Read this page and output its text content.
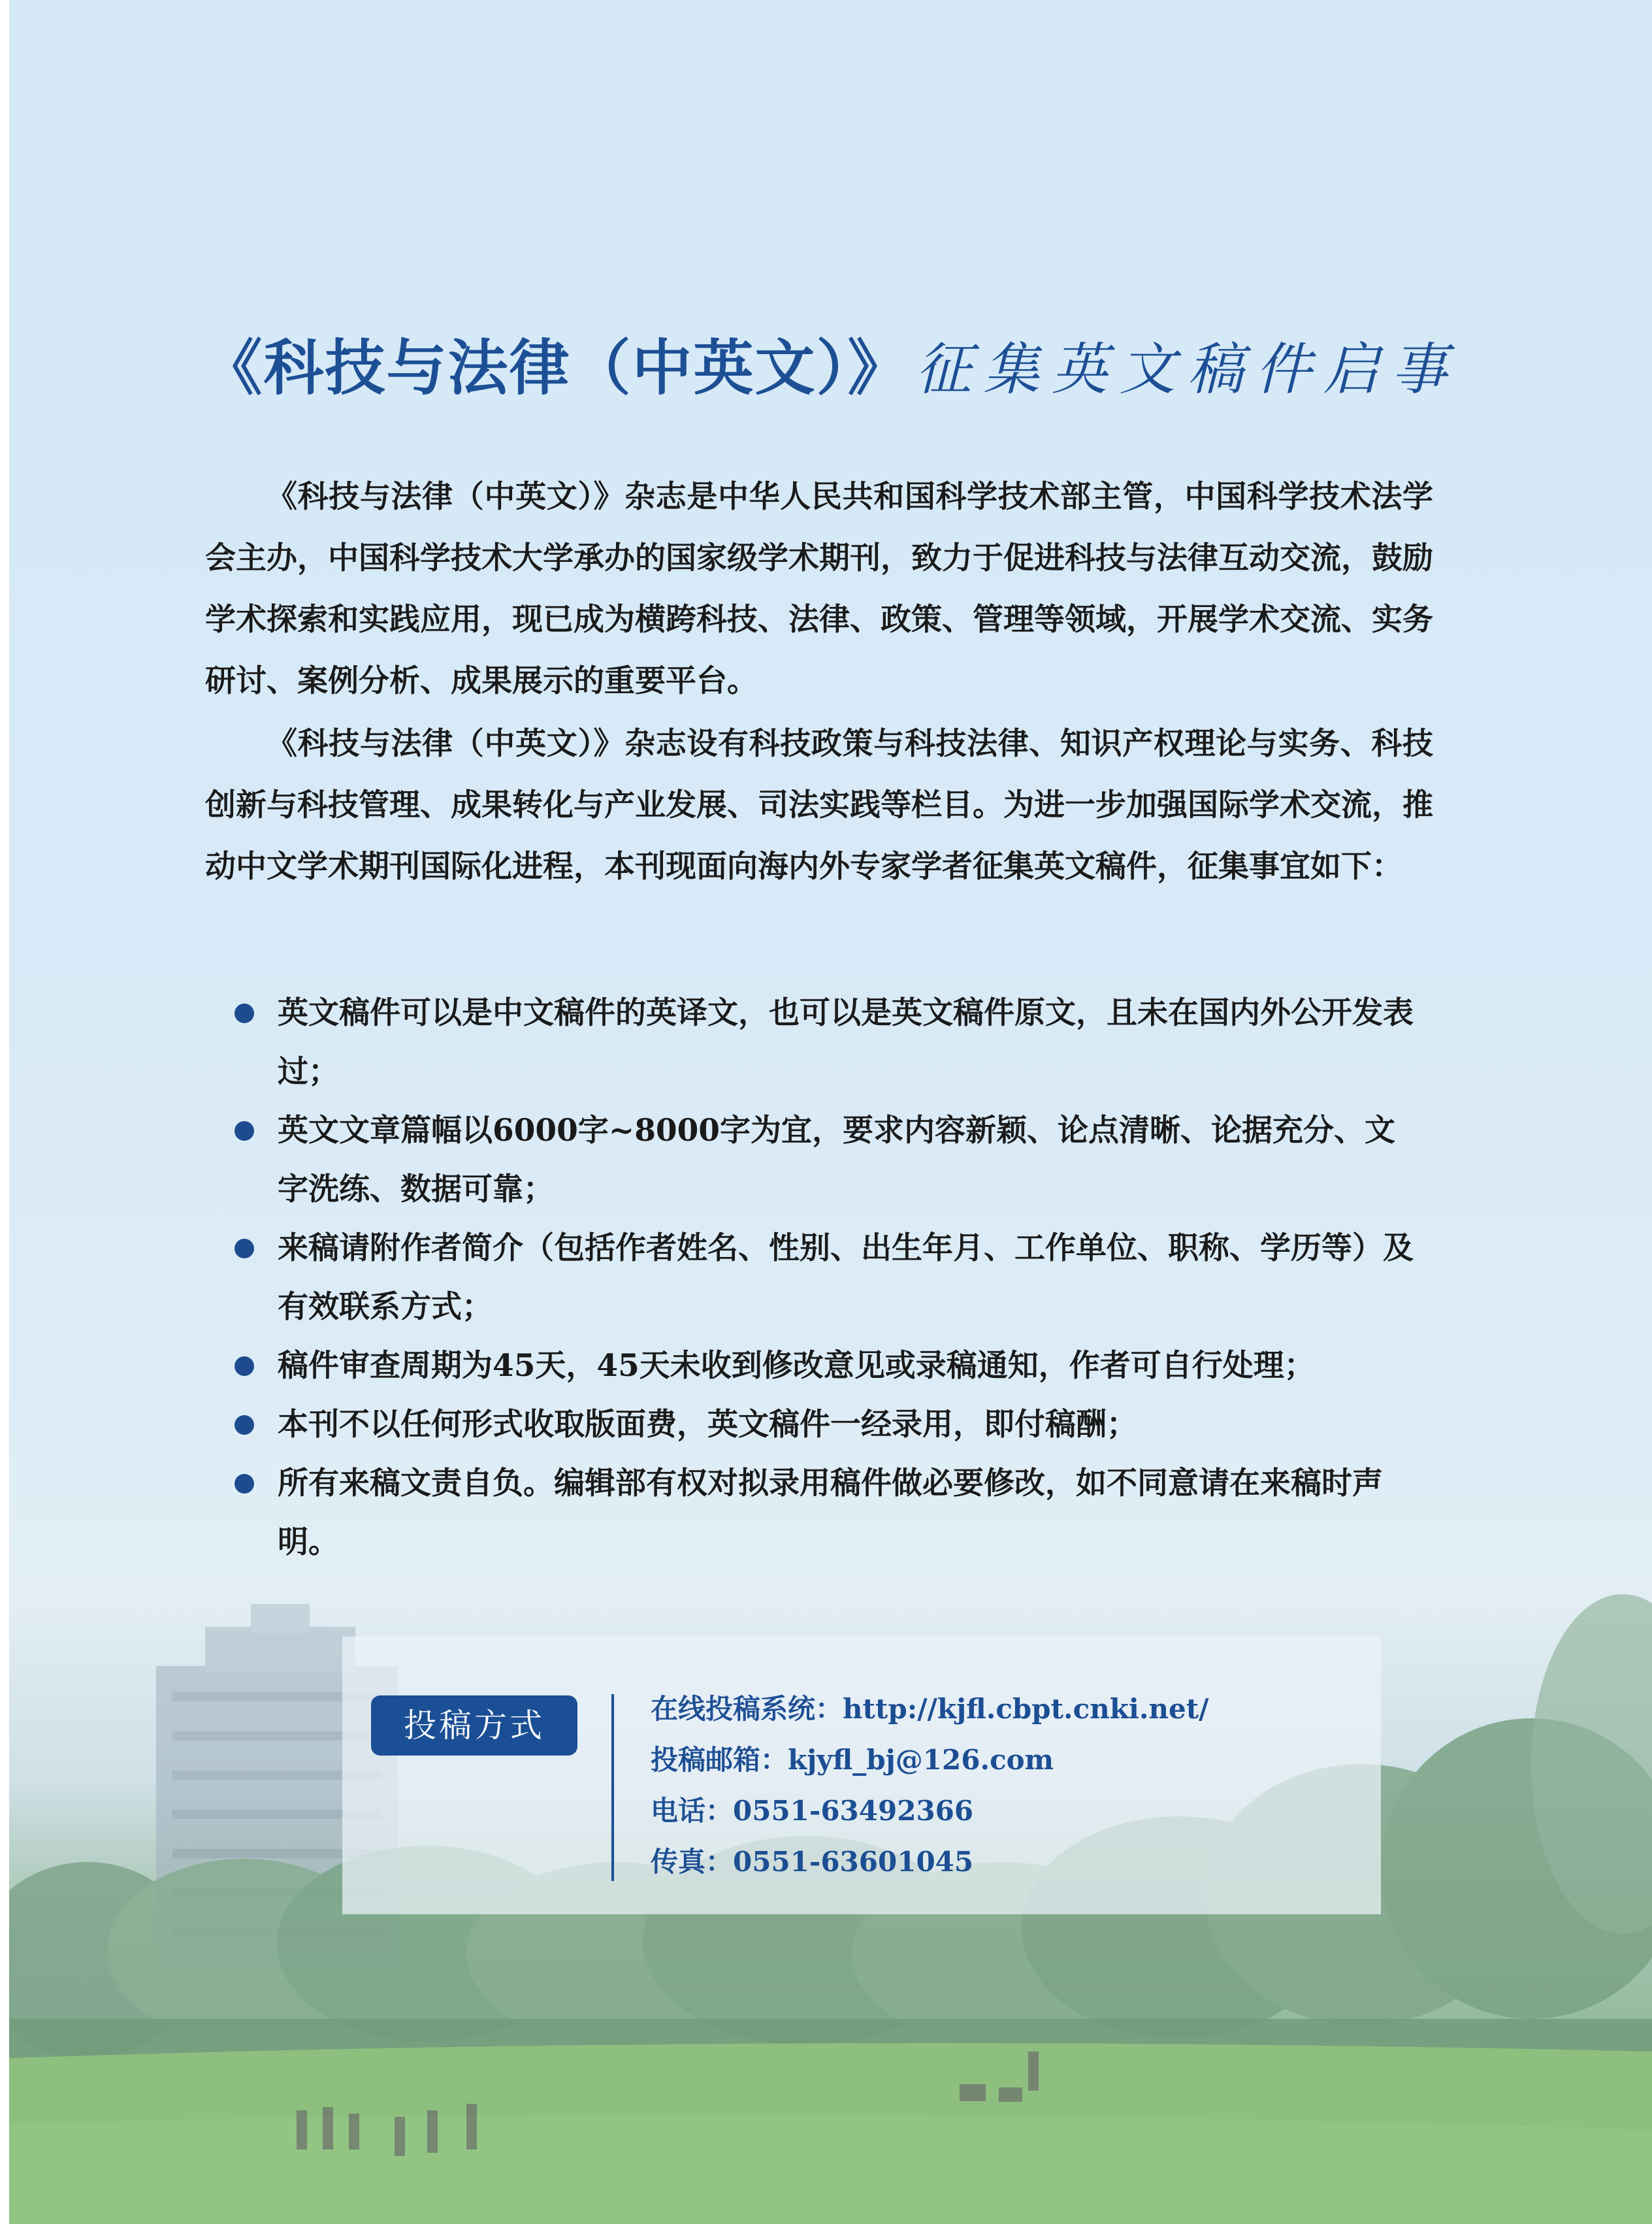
《科技与法律（中英文）》 征集英文稿件启事

《科技与法律（中英文）》杂志是中华人民共和国科学技术部主管，中国科学技术法学会主办，中国科学技术大学承办的国家级学术期刊，致力于促进科技与法律互动交流，鼓励学术探索和实践应用，现已成为横跨科技、法律、政策、管理等领域，开展学术交流、实务研讨、案例分析、成果展示的重要平台。

《科技与法律（中英文）》杂志设有科技政策与科技法律、知识产权理论与实务、科技创新与科技管理、成果转化与产业发展、司法实践等栏目。为进一步加强国际学术交流，推动中文学术期刊国际化进程，本刊现面向海内外专家学者征集英文稿件，征集事宜如下：

英文稿件可以是中文稿件的英译文，也可以是英文稿件原文，且未在国内外公开发表过；
英文文章篇幅以6000字~8000字为宜，要求内容新颖、论点清晰、论据充分、文字洗练、数据可靠；
来稿请附作者简介（包括作者姓名、性别、出生年月、工作单位、职称、学历等）及有效联系方式；
稿件审查周期为45天，45天未收到修改意见或录稿通知，作者可自行处理；
本刊不以任何形式收取版面费，英文稿件一经录用，即付稿酬；
所有来稿文责自负。编辑部有权对拟录用稿件做必要修改，如不同意请在来稿时声明。
投稿方式	在线投稿系统：http://kjfl.cbpt.cnki.net/
投稿邮箱：kjyfl_bj@126.com
电话：0551-63492366
传真：0551-63601045
